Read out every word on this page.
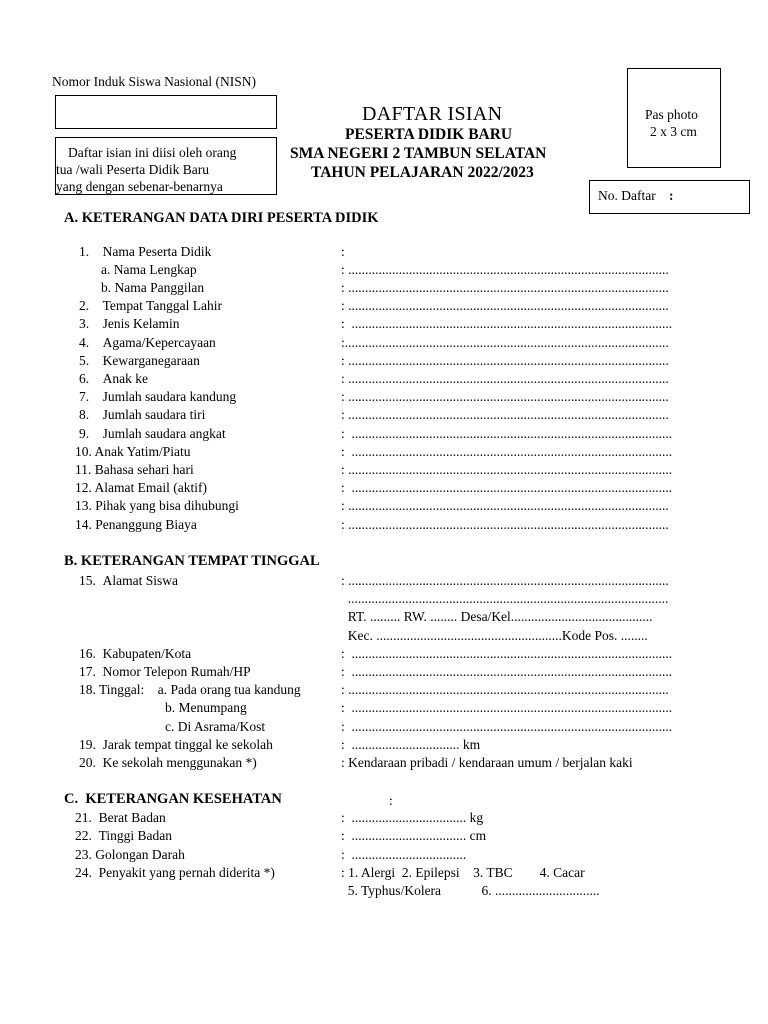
Nomor Induk Siswa Nasional (NISN)
Daftar isian ini diisi oleh orang
tua /wali Peserta Didik Baru
yang dengan sebenar-benarnya
DAFTAR ISIAN
PESERTA DIDIK BARU
SMA NEGERI 2 TAMBUN SELATAN
TAHUN PELAJARAN 2022/2023
Pas photo
2 x 3 cm
No. Daftar :
A. KETERANGAN DATA DIRI PESERTA DIDIK
1.  Nama Peserta Didik	:
a. Nama Lengkap	: ...............................................................................................
b. Nama Panggilan	: ...............................................................................................
2.  Tempat Tanggal Lahir	: ...............................................................................................
3.  Jenis Kelamin	:  ...............................................................................................
4.  Agama/Kepercayaan	:................................................................................................
5.  Kewarganegaraan	: ...............................................................................................
6.  Anak ke	: ...............................................................................................
7.  Jumlah saudara kandung	: ...............................................................................................
8.  Jumlah saudara tiri	: ...............................................................................................
9.  Jumlah saudara angkat	:  ...............................................................................................
10. Anak Yatim/Piatu	:  ...............................................................................................
11. Bahasa sehari hari	: ................................................................................................
12. Alamat Email (aktif)	:  ...............................................................................................
13. Pihak yang bisa dihubungi	: ...............................................................................................
14. Penanggung Biaya	: ...............................................................................................
B. KETERANGAN TEMPAT TINGGAL
15. Alamat Siswa	: ...............................................................................................
...............................................................................................
RT. ......... RW. ........ Desa/Kel..........................................
Kec. .......................................................Kode Pos. ........
16. Kabupaten/Kota	:  ...............................................................................................
17. Nomor Telepon Rumah/HP	:  ...............................................................................................
18. Tinggal:  a. Pada orang tua kandung	: ...............................................................................................
b. Menumpang	:  ...............................................................................................
c. Di Asrama/Kost	:  ...............................................................................................
19. Jarak tempat tinggal ke sekolah	:  ................................ km
20. Ke sekolah menggunakan *)	: Kendaraan pribadi / kendaraan umum / berjalan kaki
C. KETERANGAN KESEHATAN	:
21. Berat Badan	:  .................................. kg
22. Tinggi Badan	:  .................................. cm
23. Golongan Darah	:  ..................................
24. Penyakit yang pernah diderita *)	: 1. Alergi 2. Epilepsi  3. TBC    4. Cacar
5. Typhus/Kolera      6. ...............................
